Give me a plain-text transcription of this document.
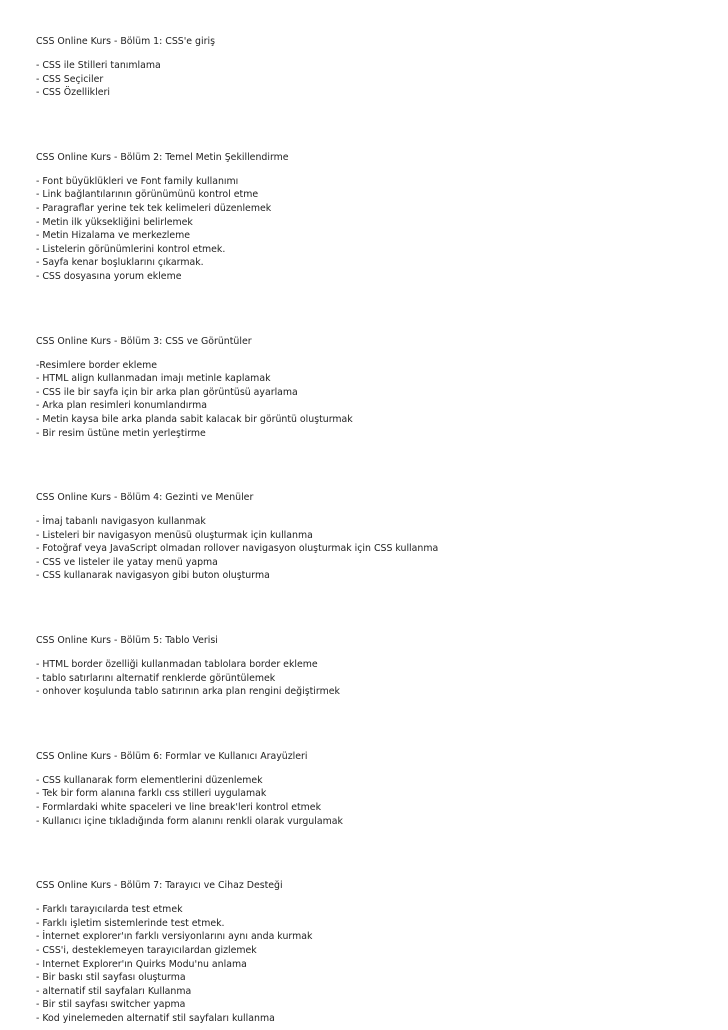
CSS Online Kurs - Bölüm 1: CSS'e giriş
- CSS ile Stilleri tanımlama
- CSS Seçiciler
- CSS Özellikleri
CSS Online Kurs - Bölüm 2: Temel Metin Şekillendirme
- Font büyüklükleri ve Font family kullanımı
- Link bağlantılarının görünümünü kontrol etme
- Paragraflar yerine tek tek kelimeleri düzenlemek
- Metin ilk yüksekliğini belirlemek
- Metin Hizalama ve merkezleme
- Listelerin görünümlerini kontrol etmek.
- Sayfa kenar boşluklarını çıkarmak.
- CSS dosyasına yorum ekleme
CSS Online Kurs - Bölüm 3: CSS ve Görüntüler
-Resimlere border ekleme
- HTML align kullanmadan imajı metinle kaplamak
- CSS ile bir sayfa için bir arka plan görüntüsü ayarlama
- Arka plan resimleri konumlandırma
- Metin kaysa bile arka planda sabit kalacak bir görüntü oluşturmak
- Bir resim üstüne metin yerleştirme
CSS Online Kurs - Bölüm 4: Gezinti ve Menüler
- İmaj tabanlı navigasyon kullanmak
- Listeleri bir navigasyon menüsü oluşturmak için kullanma
- Fotoğraf veya JavaScript olmadan rollover navigasyon oluşturmak için CSS kullanma
- CSS ve listeler ile yatay menü yapma
- CSS kullanarak navigasyon gibi buton oluşturma
CSS Online Kurs - Bölüm 5: Tablo Verisi
- HTML border özelliği kullanmadan tablolara border ekleme
- tablo satırlarını alternatif renklerde görüntülemek
- onhover koşulunda tablo satırının arka plan rengini değiştirmek
CSS Online Kurs - Bölüm 6: Formlar ve Kullanıcı Arayüzleri
- CSS kullanarak form elementlerini düzenlemek
- Tek bir form alanına farklı css stilleri uygulamak
- Formlardaki white spaceleri ve line break'leri kontrol etmek
- Kullanıcı içine tıkladığında form alanını renkli olarak vurgulamak
CSS Online Kurs - Bölüm 7: Tarayıcı ve Cihaz Desteği
- Farklı tarayıcılarda test etmek
- Farklı işletim sistemlerinde test etmek.
- İnternet explorer'ın farklı versiyonlarını aynı anda kurmak
- CSS'i, desteklemeyen tarayıcılardan gizlemek
- Internet Explorer'ın Quirks Modu'nu anlama
- Bir baskı stil sayfası oluşturma
- alternatif stil sayfaları Kullanma
- Bir stil sayfası switcher yapma
- Kod yinelemeden alternatif stil sayfaları kullanma
